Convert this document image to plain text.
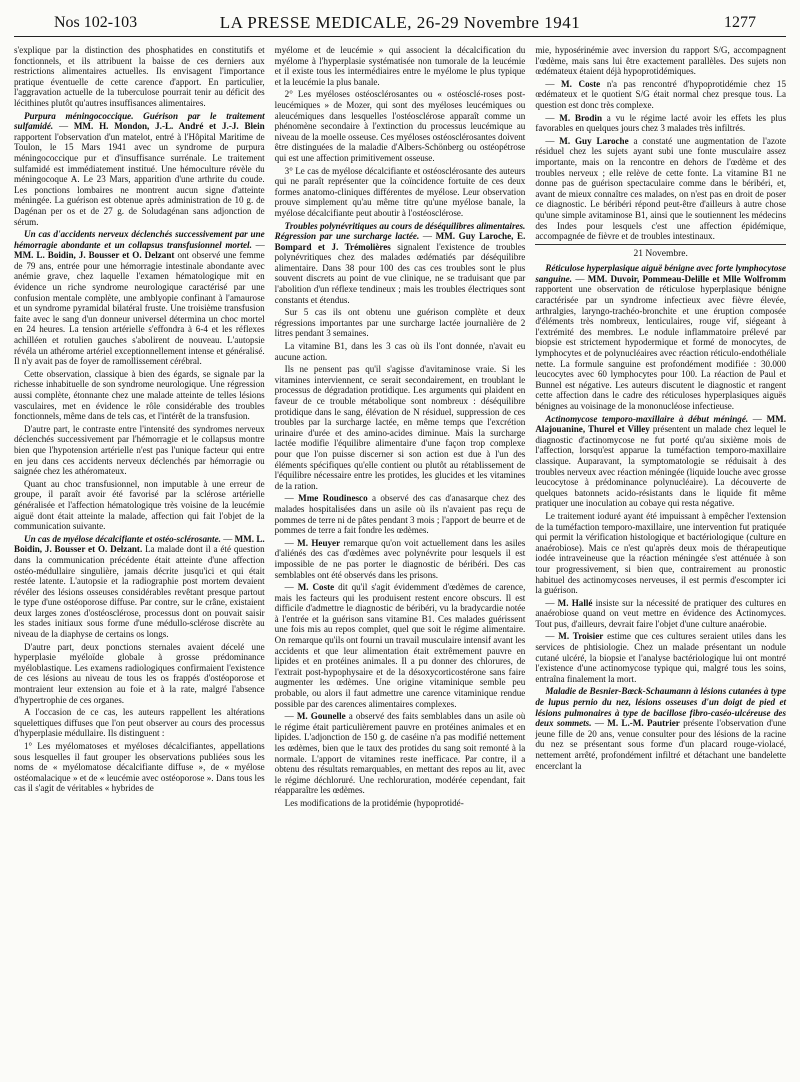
Nos 102-103	LA PRESSE MEDICALE, 26-29 Novembre 1941	1277

s'explique par la distinction des phosphatides en constitutifs et fonctionnels, et ils attribuent la baisse de ces derniers aux restrictions alimentaires actuelles. Ils envisagent l'importance pratique éventuelle de cette carence d'apport. En particulier, l'aggravation actuelle de la tuberculose pourrait tenir au déficit des lécithines plutôt qu'autres insuffisances alimentaires.

Purpura méningococcique. Guérison par le traitement sulfamidé. — MM. H. Mondon, J.-L. André et J.-J. Blein rapportent l'observation d'un matelot, entré à l'Hôpital Maritime de Toulon, le 15 Mars 1941 avec un syndrome de purpura méningococcique pur et d'insuffisance surrénale. Le traitement sulfamidé est immédiatement institué. Une hémoculture révèle du méningocoque A. Le 23 Mars, apparition d'une arthrite du coude. Les ponctions lombaires ne montrent aucun signe d'atteinte méningée. La guérison est obtenue après administration de 10 g. de Dagénan per os et de 27 g. de Soludagénan sans adjonction de sérum.

Un cas d'accidents nerveux déclenchés successivement par une hémorragie abondante et un collapsus transfusionnel mortel. — MM. L. Boidin, J. Bousser et O. Delzant ont observé une femme de 79 ans, entrée pour une hémorragie intestinale abondante avec anémie grave, chez laquelle l'examen hématologique mit en évidence un riche syndrome neurologique caractérisé par une confusion mentale complète, une amblyopie confinant à l'amaurose et un syndrome pyramidal bilatéral fruste. Une troisième transfusion faite avec le sang d'un donneur universel détermina un choc mortel en 24 heures. La tension artérielle s'effondra à 6-4 et les réflexes achilléen et rotulien gauches s'abolirent de nouveau. L'autopsie révéla un athérome artériel exceptionnellement intense et généralisé. Il n'y avait pas de foyer de ramollissement cérébral.

Cette observation, classique à bien des égards, se signale par la richesse inhabituelle de son syndrome neurologique. Une régression aussi complète, étonnante chez une malade atteinte de telles lésions vasculaires, met en évidence le rôle considérable des troubles fonctionnels, même dans de tels cas, et l'intérêt de la transfusion.

D'autre part, le contraste entre l'intensité des syndromes nerveux déclenchés successivement par l'hémorragie et le collapsus montre bien que l'hypotension artérielle n'est pas l'unique facteur qui entre en jeu dans ces accidents nerveux déclenchés par hémorragie ou saignée chez les athéromateux.

Quant au choc transfusionnel, non imputable à une erreur de groupe, il paraît avoir été favorisé par la sclérose artérielle généralisée et l'affection hématologique très voisine de la leucémie aiguë dont était atteinte la malade, affection qui fait l'objet de la communication suivante.

Un cas de myélose décalcifiante et ostéo-sclérosante. — MM. L. Boidin, J. Bousser et O. Delzant. La malade dont il a été question dans la communication précédente était atteinte d'une affection ostéo-médullaire singulière, jamais décrite jusqu'ici et qui était restée latente. L'autopsie et la radiographie post mortem devaient révéler des lésions osseuses considérables revêtant presque partout le type d'une ostéoporose diffuse. Par contre, sur le crâne, existaient deux larges zones d'ostéosclérose, processus dont on pouvait saisir les stades initiaux sous forme d'une médullo-sclérose discrète au niveau de la diaphyse de certains os longs.

D'autre part, deux ponctions sternales avaient décelé une hyperplasie myéloïde globale à grosse prédominance myéloblastique. Les examens radiologiques confirmaient l'existence de ces lésions au niveau de tous les os frappés d'ostéoporose et montraient leur extension au foie et à la rate, malgré l'absence d'hypertrophie de ces organes.

A l'occasion de ce cas, les auteurs rappellent les altérations squelettiques diffuses que l'on peut observer au cours des processus d'hyperplasie médullaire. Ils distinguent :

1° Les myélomatoses et myéloses décalcifiantes, appellations sous lesquelles il faut grouper les observations publiées sous les noms de « myélomatose décalcifiante diffuse », de « myélose ostéomalacique » et de « leucémie avec ostéoporose ». Dans tous les cas il s'agit de véritables « hybrides de

myélome et de leucémie » qui associent la décalcification du myélome à l'hyperplasie systématisée non tumorale de la leucémie et il existe tous les intermédiaires entre le myélome le plus typique et la leucémie la plus banale.

2° Les myéloses ostéosclérosantes ou « ostéosclé-roses post-leucémiques » de Mozer, qui sont des myéloses leucémiques ou aleucémiques dans lesquelles l'ostéosclérose apparaît comme un phénomène secondaire à l'extinction du processus leucémique au niveau de la moelle osseuse. Ces myéloses ostéosclérosantes doivent être distinguées de la maladie d'Albers-Schönberg ou ostéopétrose qui est une affection primitivement osseuse.

3° Le cas de myélose décalcifiante et ostéosclérosante des auteurs qui ne paraît représenter que la coïncidence fortuite de ces deux formes anatomo-cliniques différentes de myélose. Leur observation prouve simplement qu'au même titre qu'une myélose banale, la myélose décalcifiante peut aboutir à l'ostéosclérose.

Troubles polynévritiques au cours de déséquilibres alimentaires. Régression par une surcharge lactée. — MM. Guy Laroche, E. Bompard et J. Trémolières signalent l'existence de troubles polynévritiques chez des malades œdématiés par déséquilibre alimentaire. Dans 38 pour 100 des cas ces troubles sont le plus souvent discrets au point de vue clinique, ne se traduisant que par l'abolition d'un réflexe tendineux ; mais les troubles électriques sont constants et étendus.

Sur 5 cas ils ont obtenu une guérison complète et deux régressions importantes par une surcharge lactée journalière de 2 litres pendant 3 semaines.

La vitamine B1, dans les 3 cas où ils l'ont donnée, n'avait eu aucune action.

Ils ne pensent pas qu'il s'agisse d'avitaminose vraie. Si les vitamines interviennent, ce serait secondairement, en troublant le processus de dégradation protidique. Les arguments qui plaident en faveur de ce trouble métabolique sont nombreux : déséquilibre protidique dans le sang, élévation de N résiduel, suppression de ces troubles par la surcharge lactée, en même temps que l'excrétion urinaire d'urée et des amino-acides diminue. Mais la surcharge lactée modifie l'équilibre alimentaire d'une façon trop complexe pour que l'on puisse discerner si son action est due à l'un des éléments spécifiques qu'elle contient ou plutôt au rétablissement de l'équilibre nécessaire entre les protides, les glucides et les vitamines de la ration.

— Mme Roudinesco a observé des cas d'anasarque chez des malades hospitalisées dans un asile où ils n'avaient pas reçu de pommes de terre ni de pâtes pendant 3 mois ; l'apport de beurre et de pommes de terre a fait fondre les œdèmes.

— M. Heuyer remarque qu'on voit actuellement dans les asiles d'aliénés des cas d'œdèmes avec polynévrite pour lesquels il est impossible de ne pas porter le diagnostic de béribéri. Des cas semblables ont été observés dans les prisons.

— M. Coste dit qu'il s'agit évidemment d'œdèmes de carence, mais les facteurs qui les produisent restent encore obscurs. Il est difficile d'admettre le diagnostic de béribéri, vu la bradycardie notée à l'entrée et la guérison sans vitamine B1. Ces malades guérissent une fois mis au repos complet, quel que soit le régime alimentaire. On remarque qu'ils ont fourni un travail musculaire intensif avant les accidents et que leur alimentation était extrêmement pauvre en lipides et en protéines animales. Il a pu donner des chlorures, de l'extrait post-hypophysaire et de la désoxycorticostérone sans faire augmenter les œdèmes. Une origine vitaminique semble peu probable, ou alors il faut admettre une carence vitaminique rendue possible par des carences alimentaires complexes.

— M. Gounelle a observé des faits semblables dans un asile où le régime était particulièrement pauvre en protéines animales et en lipides. L'adjonction de 150 g. de caséine n'a pas modifié nettement les œdèmes, bien que le taux des protides du sang soit remonté à la normale. L'apport de vitamines reste inefficace. Par contre, il a obtenu des résultats remarquables, en mettant des repos au lit, avec le régime déchloruré. Une rechloruration, modérée cependant, fait réapparaître les œdèmes.

Les modifications de la protidémie (hypoprotidé-

mie, hyposérinémie avec inversion du rapport S/G, accompagnent l'œdème, mais sans lui être exactement parallèles. Des sujets non œdémateux étaient déjà hypoprotidémiques.

— M. Coste n'a pas rencontré d'hypoprotidémie chez 15 œdémateux et le quotient S/G était normal chez presque tous. La question est donc très complexe.

— M. Brodin a vu le régime lacté avoir les effets les plus favorables en quelques jours chez 3 malades très infiltrés.

— M. Guy Laroche a constaté une augmentation de l'azote résiduel chez les sujets ayant subi une fonte musculaire assez importante, mais on la rencontre en dehors de l'œdème et des troubles nerveux ; elle relève de cette fonte. La vitamine B1 ne donne pas de guérison spectaculaire comme dans le béribéri, et, avant de mieux connaître ces malades, on n'est pas en droit de poser ce diagnostic. Le béribéri répond peut-être d'ailleurs à autre chose qu'une simple avitaminose B1, ainsi que le soutiennent les médecins des Indes pour lesquels c'est une affection épidémique, accompagnée de fièvre et de troubles intestinaux.

21 Novembre.

Réticulose hyperplasique aiguë bénigne avec forte lymphocytose sanguine. — MM. Duvoir, Pommeau-Delille et Mlle Wolfromm rapportent une observation de réticulose hyperplasique bénigne caractérisée par un syndrome infectieux avec fièvre élevée, arthralgies, laryngo-trachéo-bronchite et une éruption composée d'éléments très nombreux, lenticulaires, rouge vif, siégeant à l'extrémité des membres. Le nodule inflammatoire prélevé par biopsie est strictement hypodermique et formé de monocytes, de lymphocytes et de polynucléaires avec réaction réticulo-endothéliale nette. La formule sanguine est profondément modifiée : 30.000 leucocytes avec 60 lymphocytes pour 100. La réaction de Paul et Bunnel est négative. Les auteurs discutent le diagnostic et rangent cette affection dans le cadre des réticuloses hyperplasiques aiguës bénignes au voisinage de la mononucléose infectieuse.

Actinomycose temporo-maxillaire à début méningé. — MM. Alajouanine, Thurel et Villey présentent un malade chez lequel le diagnostic d'actinomycose ne fut porté qu'au sixième mois de l'affection, lorsqu'est apparue la tuméfaction temporo-maxillaire classique. Auparavant, la symptomatologie se réduisait à des troubles nerveux avec réaction méningée (liquide louche avec grosse leucocytose à prédominance polynucléaire). La découverte de quelques batonnets acido-résistants dans le liquide fit même pratiquer une inoculation au cobaye qui resta négative.

Le traitement ioduré ayant été impuissant à empêcher l'extension de la tuméfaction temporo-maxillaire, une intervention fut pratiquée qui permit la vérification histologique et bactériologique (culture en anaérobiose). Mais ce n'est qu'après deux mois de thérapeutique iodée intraveineuse que la réaction méningée s'est atténuée à son tour progressivement, si bien que, contrairement au pronostic habituel des actinomycoses nerveuses, il est permis d'escompter ici la guérison.

— M. Hallé insiste sur la nécessité de pratiquer des cultures en anaérobiose quand on veut mettre en évidence des Actinomyces. Tout pus, d'ailleurs, devrait faire l'objet d'une culture anaérobie.

— M. Troisier estime que ces cultures seraient utiles dans les services de phtisiologie. Chez un malade présentant un nodule cutané ulcéré, la biopsie et l'analyse bactériologique lui ont montré l'existence d'une actinomycose typique qui, malgré tous les soins, entraîna finalement la mort.

Maladie de Besnier-Bœck-Schaumann à lésions cutanées à type de lupus pernio du nez, lésions osseuses d'un doigt de pied et lésions pulmonaires à type de bacillose fibro-caséo-ulcéreuse des deux sommets. — M. L.-M. Pautrier présente l'observation d'une jeune fille de 20 ans, venue consulter pour des lésions de la racine du nez se présentant sous forme d'un placard rouge-violacé, nettement arrêté, profondément infiltré et détachant une bandelette encerclant la
